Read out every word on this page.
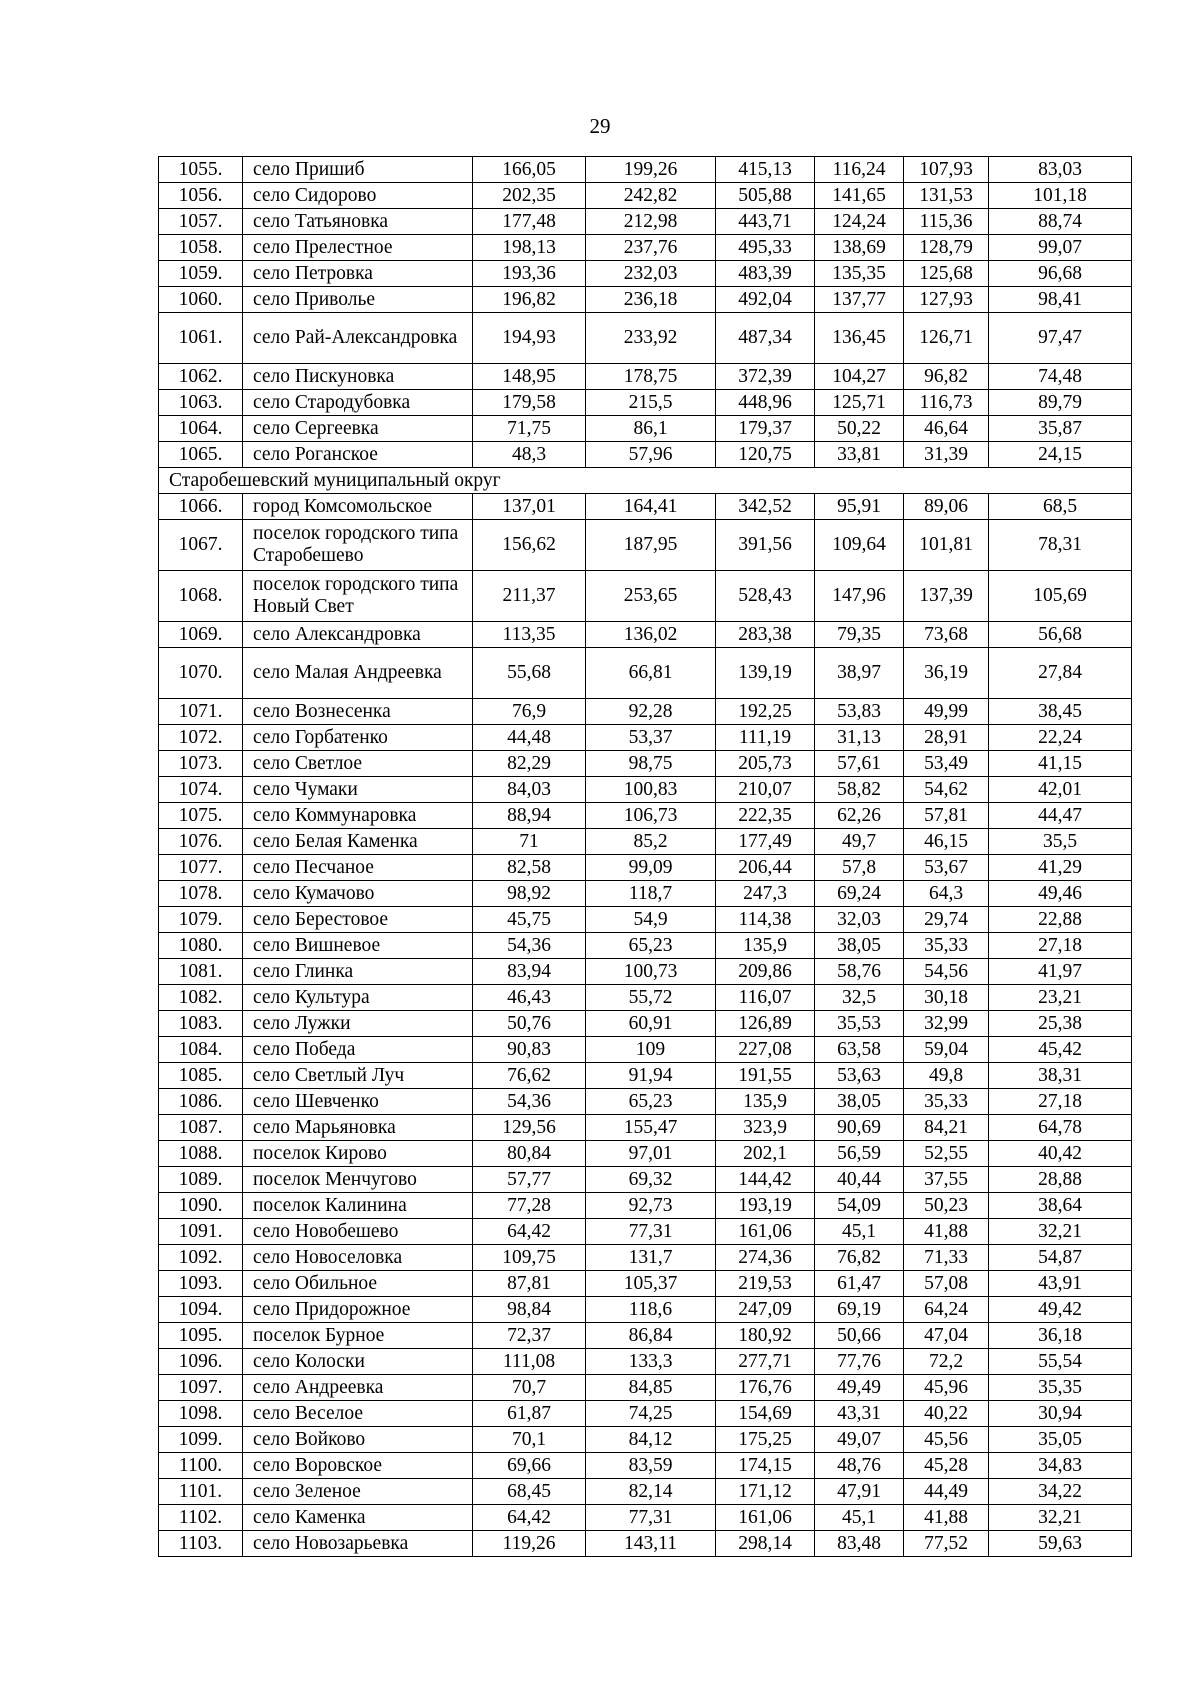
29
1055.	село Пришиб	166,05	199,26	415,13	116,24	107,93	83,03
1056.	село Сидорово	202,35	242,82	505,88	141,65	131,53	101,18
1057.	село Татьяновка	177,48	212,98	443,71	124,24	115,36	88,74
1058.	село Прелестное	198,13	237,76	495,33	138,69	128,79	99,07
1059.	село Петровка	193,36	232,03	483,39	135,35	125,68	96,68
1060.	село Приволье	196,82	236,18	492,04	137,77	127,93	98,41
1061.	село Рай-Александровка	194,93	233,92	487,34	136,45	126,71	97,47
1062.	село Пискуновка	148,95	178,75	372,39	104,27	96,82	74,48
1063.	село Стародубовка	179,58	215,5	448,96	125,71	116,73	89,79
1064.	село Сергеевка	71,75	86,1	179,37	50,22	46,64	35,87
1065.	село Роганское	48,3	57,96	120,75	33,81	31,39	24,15
Старобешевский муниципальный округ							
1066.	город Комсомольское	137,01	164,41	342,52	95,91	89,06	68,5
1067.	поселок городского типа Старобешево	156,62	187,95	391,56	109,64	101,81	78,31
1068.	поселок городского типа Новый Свет	211,37	253,65	528,43	147,96	137,39	105,69
1069.	село Александровка	113,35	136,02	283,38	79,35	73,68	56,68
1070.	село Малая Андреевка	55,68	66,81	139,19	38,97	36,19	27,84
1071.	село Вознесенка	76,9	92,28	192,25	53,83	49,99	38,45
1072.	село Горбатенко	44,48	53,37	111,19	31,13	28,91	22,24
1073.	село Светлое	82,29	98,75	205,73	57,61	53,49	41,15
1074.	село Чумаки	84,03	100,83	210,07	58,82	54,62	42,01
1075.	село Коммунаровка	88,94	106,73	222,35	62,26	57,81	44,47
1076.	село Белая Каменка	71	85,2	177,49	49,7	46,15	35,5
1077.	село Песчаное	82,58	99,09	206,44	57,8	53,67	41,29
1078.	село Кумачово	98,92	118,7	247,3	69,24	64,3	49,46
1079.	село Берестовое	45,75	54,9	114,38	32,03	29,74	22,88
1080.	село Вишневое	54,36	65,23	135,9	38,05	35,33	27,18
1081.	село Глинка	83,94	100,73	209,86	58,76	54,56	41,97
1082.	село Культура	46,43	55,72	116,07	32,5	30,18	23,21
1083.	село Лужки	50,76	60,91	126,89	35,53	32,99	25,38
1084.	село Победа	90,83	109	227,08	63,58	59,04	45,42
1085.	село Светлый Луч	76,62	91,94	191,55	53,63	49,8	38,31
1086.	село Шевченко	54,36	65,23	135,9	38,05	35,33	27,18
1087.	село Марьяновка	129,56	155,47	323,9	90,69	84,21	64,78
1088.	поселок Кирово	80,84	97,01	202,1	56,59	52,55	40,42
1089.	поселок Менчугово	57,77	69,32	144,42	40,44	37,55	28,88
1090.	поселок Калинина	77,28	92,73	193,19	54,09	50,23	38,64
1091.	село Новобешево	64,42	77,31	161,06	45,1	41,88	32,21
1092.	село Новоселовка	109,75	131,7	274,36	76,82	71,33	54,87
1093.	село Обильное	87,81	105,37	219,53	61,47	57,08	43,91
1094.	село Придорожное	98,84	118,6	247,09	69,19	64,24	49,42
1095.	поселок Бурное	72,37	86,84	180,92	50,66	47,04	36,18
1096.	село Колоски	111,08	133,3	277,71	77,76	72,2	55,54
1097.	село Андреевка	70,7	84,85	176,76	49,49	45,96	35,35
1098.	село Веселое	61,87	74,25	154,69	43,31	40,22	30,94
1099.	село Войково	70,1	84,12	175,25	49,07	45,56	35,05
1100.	село Воровское	69,66	83,59	174,15	48,76	45,28	34,83
1101.	село Зеленое	68,45	82,14	171,12	47,91	44,49	34,22
1102.	село Каменка	64,42	77,31	161,06	45,1	41,88	32,21
1103.	село Новозарьевка	119,26	143,11	298,14	83,48	77,52	59,63
